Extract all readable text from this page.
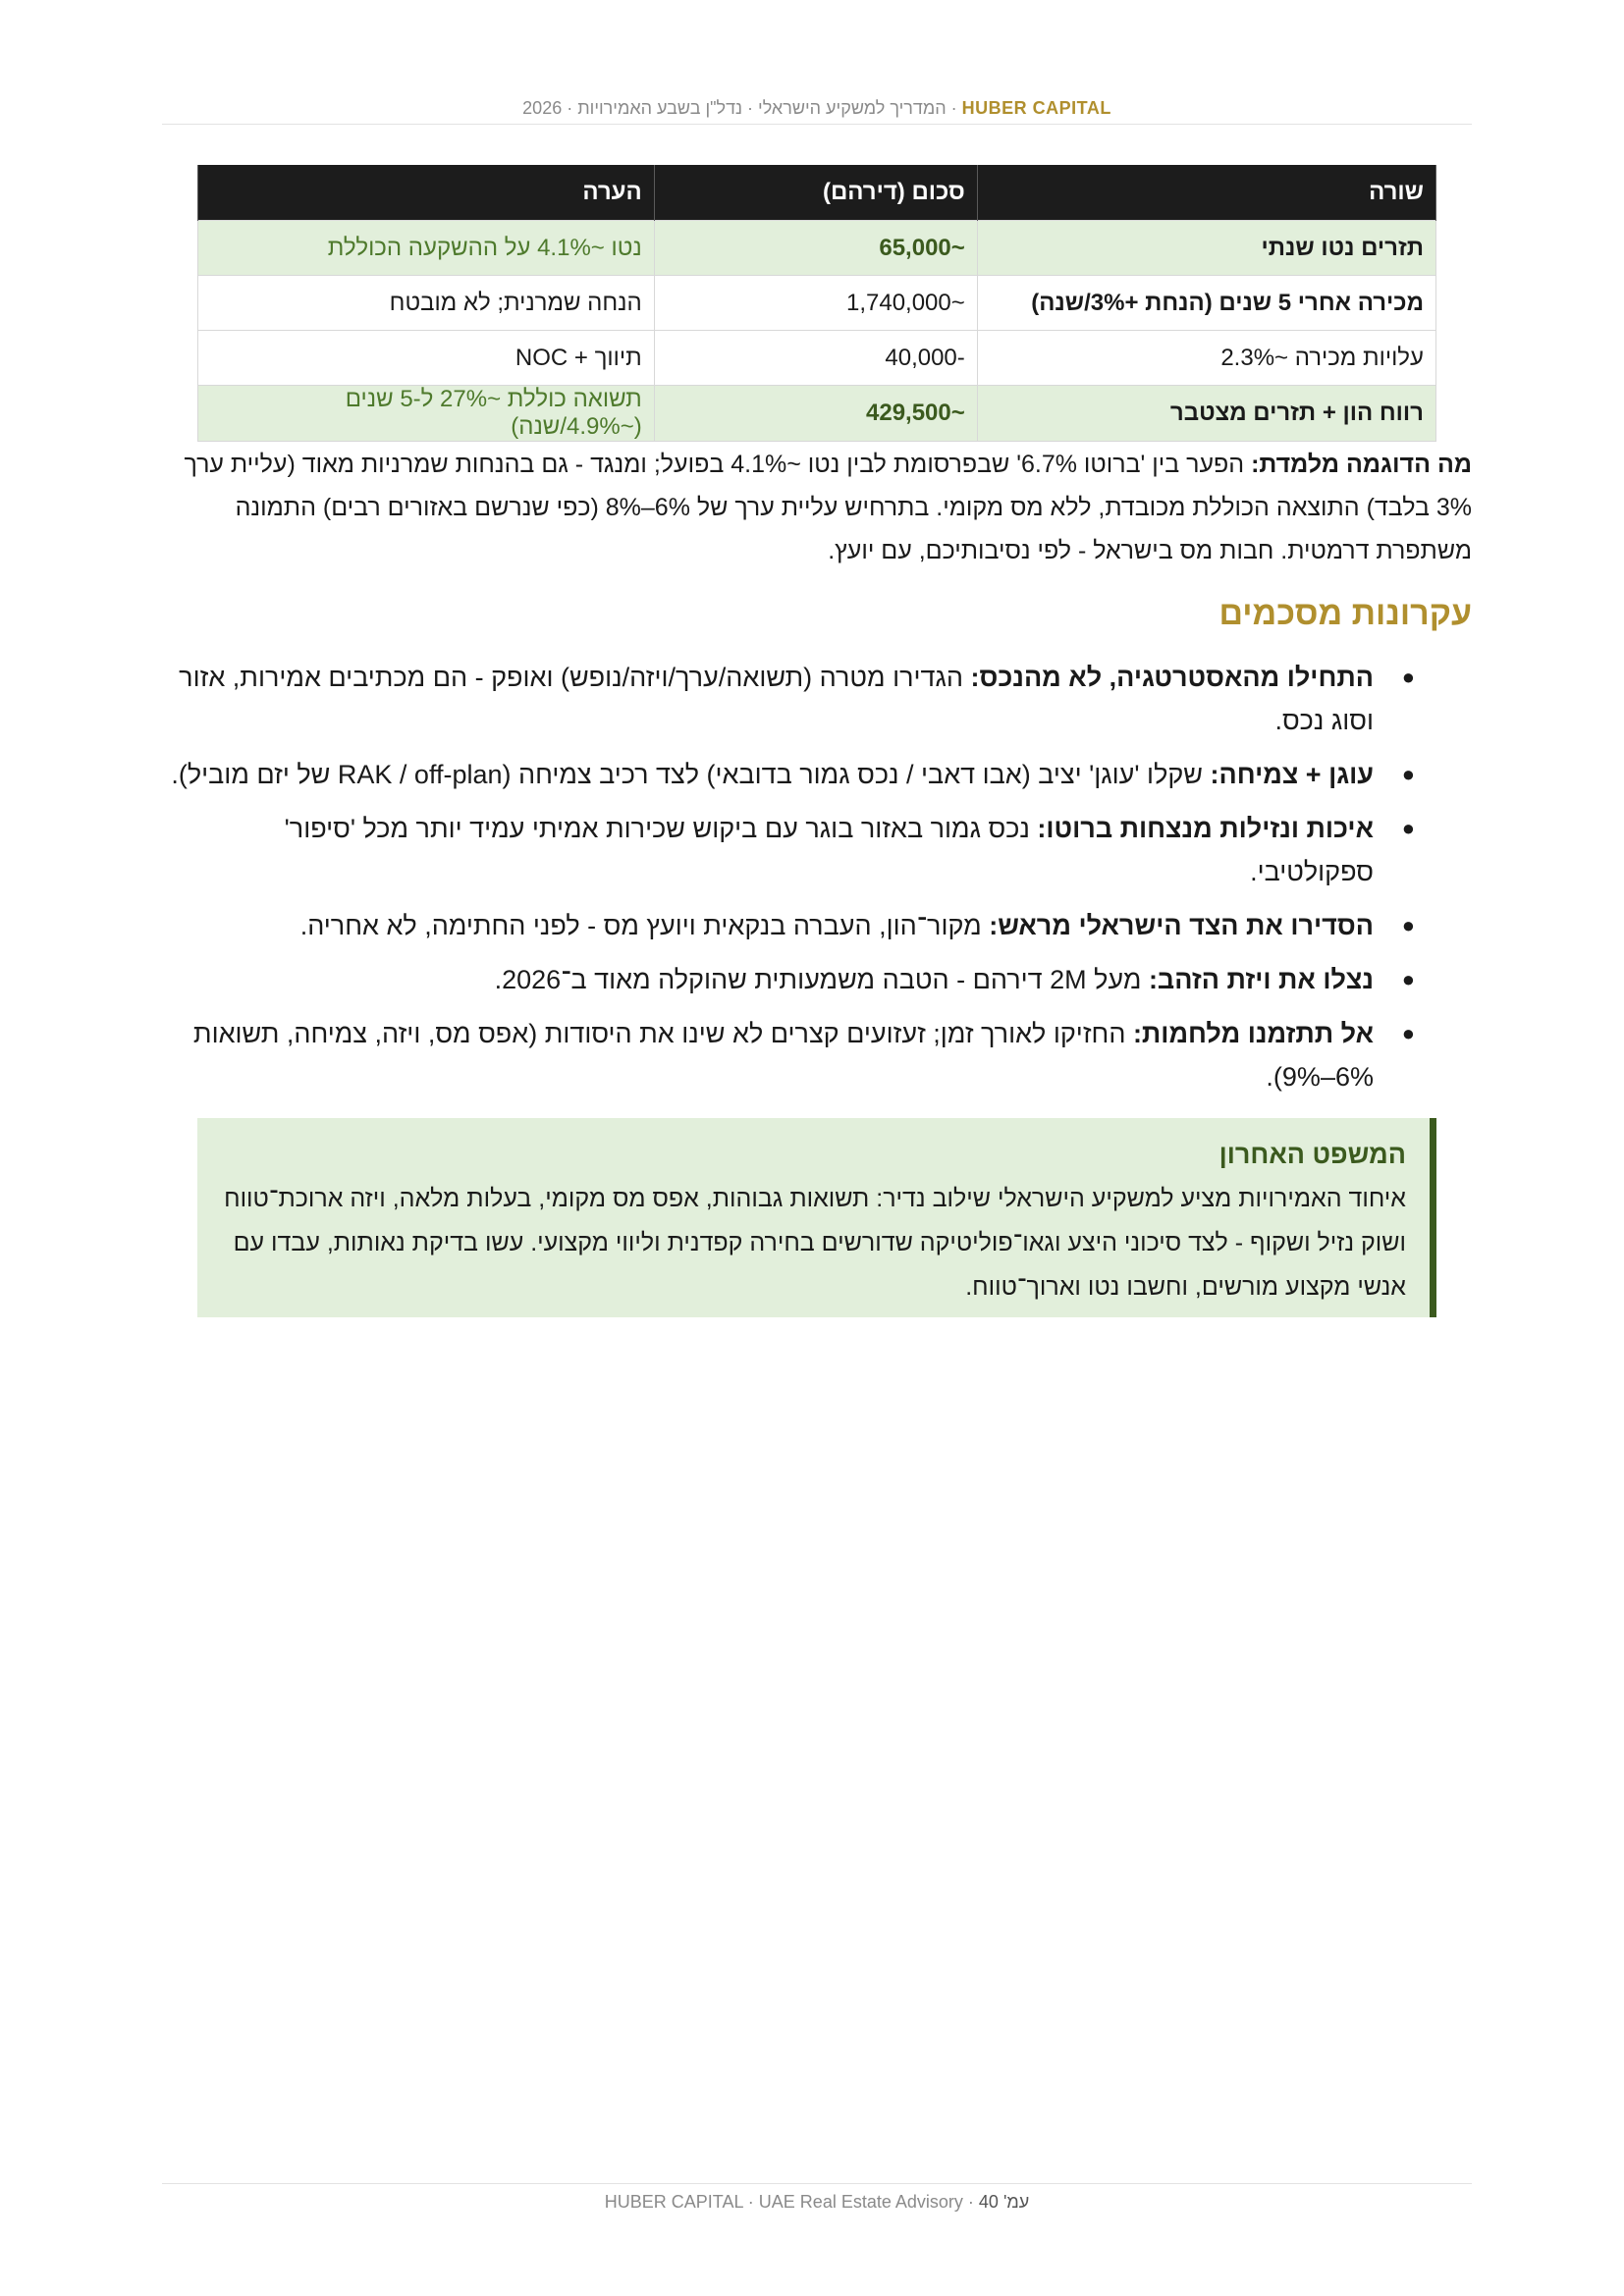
HUBER CAPITAL · המדריך למשקיע הישראלי · נדל"ן בשבע האמירויות · 2026
שורה	סכום (דירהם)	הערה
תזרים נטו שנתי	~65,000	נטו ~4.1% על ההשקעה הכוללת
מכירה אחרי 5 שנים (הנחת +3%/שנה)	~1,740,000	הנחה שמרנית; לא מובטח
עלויות מכירה ~2.3%	-40,000	תיווך + NOC
רווח הון + תזרים מצטבר	~429,500	תשואה כוללת ~27% ל-5 שנים (~4.9%/שנה)
מה הדוגמה מלמדת: הפער בין 'ברוטו 6.7%' שבפרסומת לבין נטו ~4.1% בפועל; ומנגד - גם בהנחות שמרניות מאוד (עליית ערך 3% בלבד) התוצאה הכוללת מכובדת, ללא מס מקומי. בתרחיש עליית ערך של 6%–8% (כפי שנרשם באזורים רבים) התמונה משתפרת דרמטית. חבות מס בישראל - לפי נסיבותיכם, עם יועץ.
עקרונות מסכמים
●
התחילו מהאסטרטגיה, לא מהנכס: הגדירו מטרה (תשואה/ערך/ויזה/נופש) ואופק - הם מכתיבים אמירות, אזור וסוג נכס.
●
עוגן + צמיחה: שקלו 'עוגן' יציב (אבו דאבי / נכס גמור בדובאי) לצד רכיב צמיחה (RAK / off-plan של יזם מוביל).
●
איכות ונזילות מנצחות ברוטו: נכס גמור באזור בוגר עם ביקוש שכירות אמיתי עמיד יותר מכל 'סיפור' ספקולטיבי.
●
הסדירו את הצד הישראלי מראש: מקור־הון, העברה בנקאית ויועץ מס - לפני החתימה, לא אחריה.
●
נצלו את ויזת הזהב: מעל 2M דירהם - הטבה משמעותית שהוקלה מאוד ב־2026.
●
אל תתזמנו מלחמות: החזיקו לאורך זמן; זעזועים קצרים לא שינו את היסודות (אפס מס, ויזה, צמיחה, תשואות 6%–9%).
המשפט האחרון
איחוד האמירויות מציע למשקיע הישראלי שילוב נדיר: תשואות גבוהות, אפס מס מקומי, בעלות מלאה, ויזה ארוכת־טווח ושוק נזיל ושקוף - לצד סיכוני היצע וגאו־פוליטיקה שדורשים בחירה קפדנית וליווי מקצועי. עשו בדיקת נאותות, עבדו עם אנשי מקצוע מורשים, וחשבו נטו וארוך־טווח.
עמ' 40 · HUBER CAPITAL · UAE Real Estate Advisory
